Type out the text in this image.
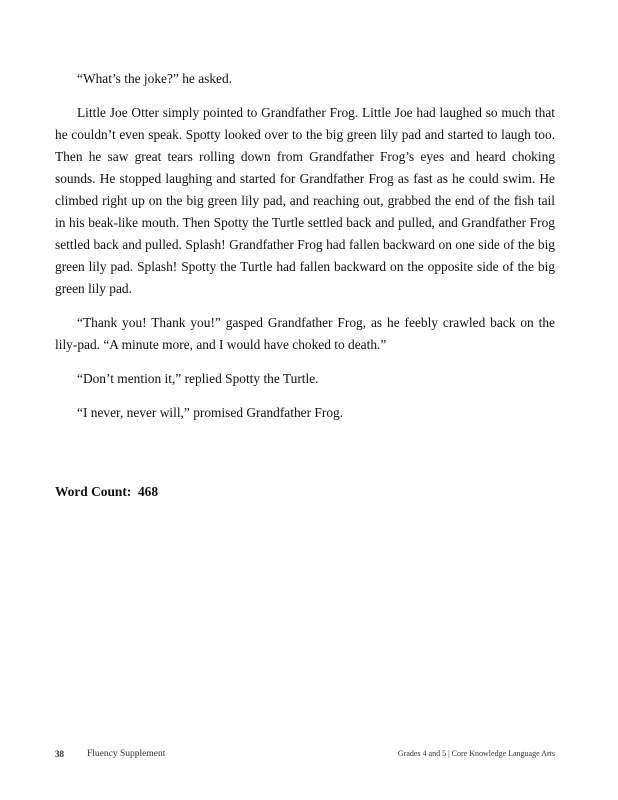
“What’s the joke?” he asked.

Little Joe Otter simply pointed to Grandfather Frog. Little Joe had laughed so much that he couldn’t even speak. Spotty looked over to the big green lily pad and started to laugh too. Then he saw great tears rolling down from Grandfather Frog’s eyes and heard choking sounds. He stopped laughing and started for Grandfather Frog as fast as he could swim. He climbed right up on the big green lily pad, and reaching out, grabbed the end of the fish tail in his beak-like mouth. Then Spotty the Turtle settled back and pulled, and Grandfather Frog settled back and pulled. Splash! Grandfather Frog had fallen backward on one side of the big green lily pad. Splash! Spotty the Turtle had fallen backward on the opposite side of the big green lily pad.

“Thank you! Thank you!” gasped Grandfather Frog, as he feebly crawled back on the lily-pad. “A minute more, and I would have choked to death.”

“Don’t mention it,” replied Spotty the Turtle.

“I never, never will,” promised Grandfather Frog.

Word Count: 468
38 Fluency Supplement	Grades 4 and 5 | Core Knowledge Language Arts
